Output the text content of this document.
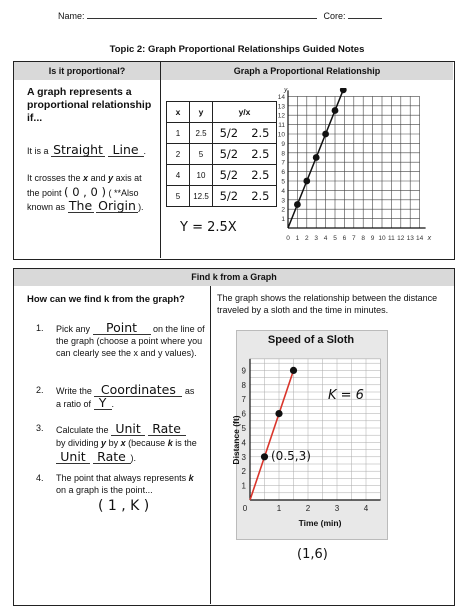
Name:	Core:
Topic 2: Graph Proportional Relationships Guided Notes
Is it proportional?	Graph a Proportional Relationship
A graph represents a proportional relationship if...
It is a Straight Line .
It crosses the x and y axis at
the point ( 0 , 0 ) ( **Also
known as The Origin ).
x	y	y/x	
1	2.5	5/2	2.5
2	5	5/2	2.5
4	10	5/2	2.5
5	12.5	5/2	2.5
Y = 2.5X
0 1 2 3 4 5 6 7 8 9 10 11 12 13 14
1
2
3
4
5
6
7
8
9
10
11
12
13
14
x
y
Find k from a Graph
How can we find k from the graph?
1. Pick any Point on the line of the graph (choose a point where you can clearly see the x and y values).
2. Write the Coordinates as
a ratio of Y .
3. Calculate the Unit Rate
by dividing y by x (because k is the
Unit Rate ).
4. The point that always represents k on a graph is the point...
( 1 , K )
The graph shows the relationship between the distance traveled by a sloth and the time in minutes.
Speed of a Sloth
Distance (ft)
Time (min)
0	1	2	3	4
1
2
3
4
5
6
7
8
9
K = 6
(0.5,3)
(1,6)
